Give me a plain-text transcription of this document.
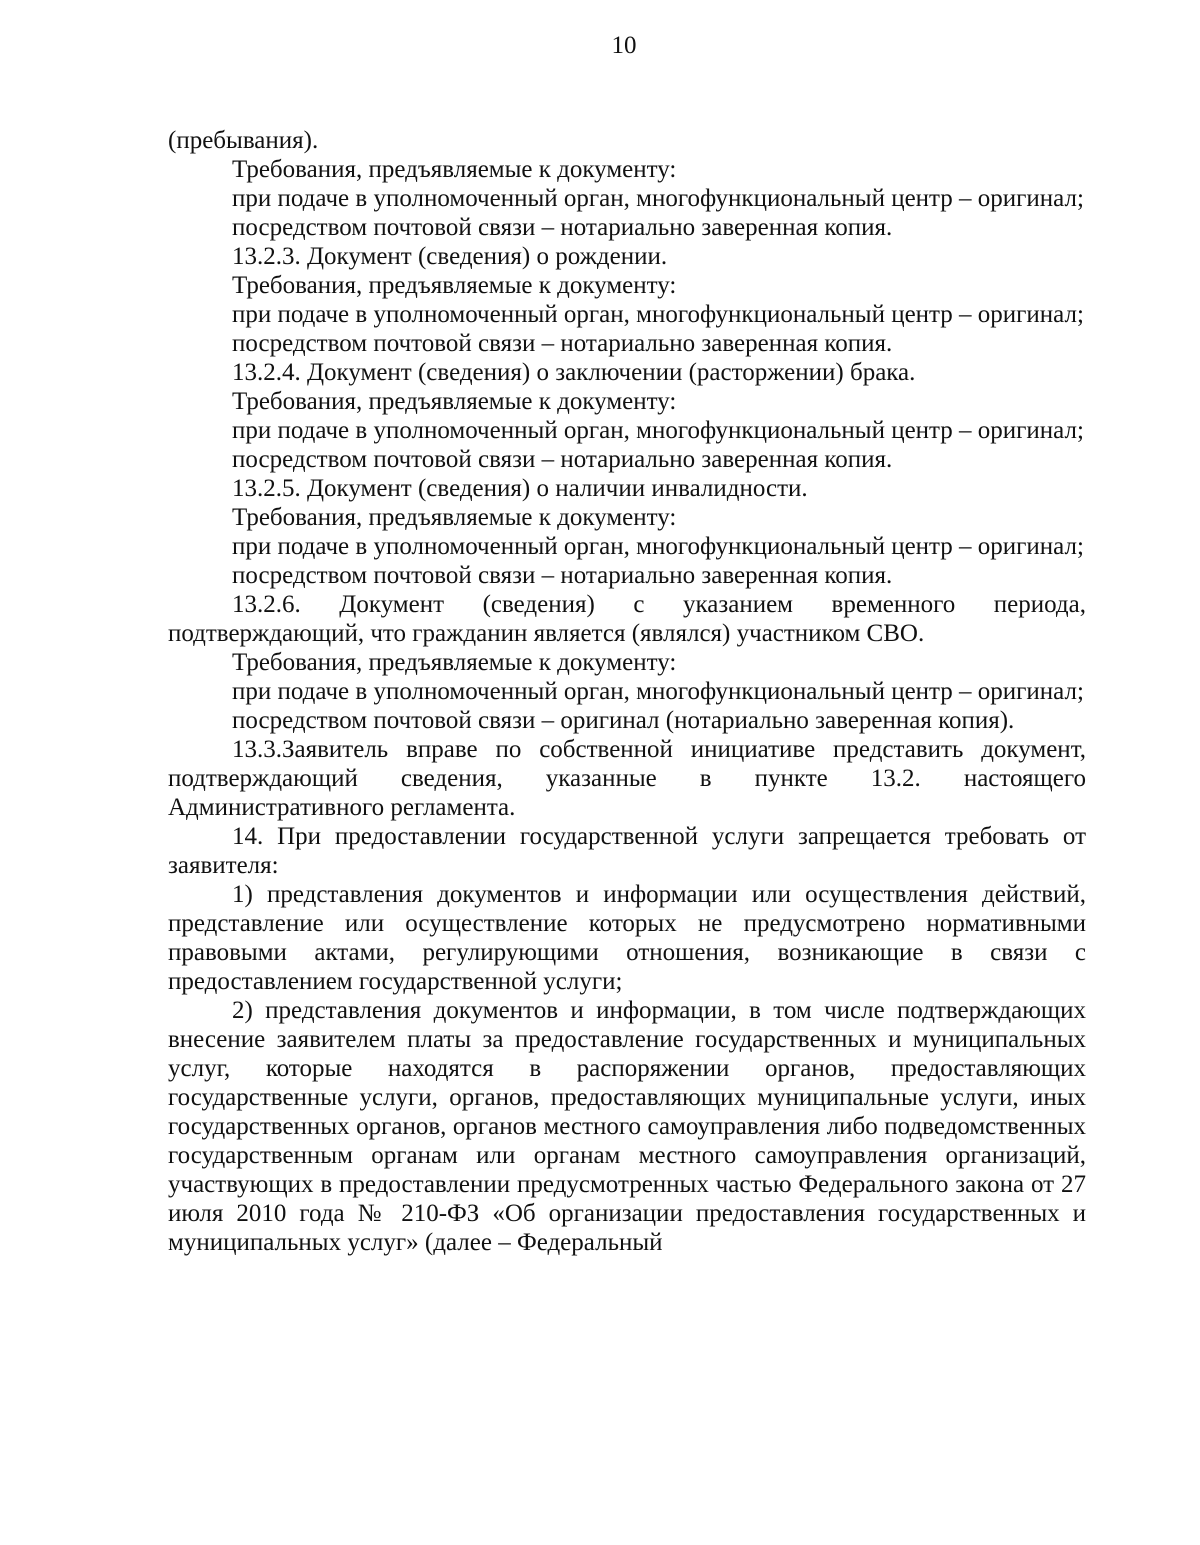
10

(пребывания).

Требования, предъявляемые к документу:

при подаче в уполномоченный орган, многофункциональный центр – оригинал;

посредством почтовой связи – нотариально заверенная копия.

13.2.3. Документ (сведения) о рождении.

Требования, предъявляемые к документу:

при подаче в уполномоченный орган, многофункциональный центр – оригинал;

посредством почтовой связи – нотариально заверенная копия.

13.2.4. Документ (сведения) о заключении (расторжении) брака.

Требования, предъявляемые к документу:

при подаче в уполномоченный орган, многофункциональный центр – оригинал;

посредством почтовой связи – нотариально заверенная копия.

13.2.5. Документ (сведения) о наличии инвалидности.

Требования, предъявляемые к документу:

при подаче в уполномоченный орган, многофункциональный центр – оригинал;

посредством почтовой связи – нотариально заверенная копия.

13.2.6. Документ (сведения) с указанием временного периода, подтверждающий, что гражданин является (являлся) участником СВО.

Требования, предъявляемые к документу:

при подаче в уполномоченный орган, многофункциональный центр – оригинал;

посредством почтовой связи – оригинал (нотариально заверенная копия).

13.3.Заявитель вправе по собственной инициативе представить документ, подтверждающий сведения, указанные в пункте 13.2. настоящего Административного регламента.

14. При предоставлении государственной услуги запрещается требовать от заявителя:

1) представления документов и информации или осуществления действий, представление или осуществление которых не предусмотрено нормативными правовыми актами, регулирующими отношения, возникающие в связи с предоставлением государственной услуги;

2) представления документов и информации, в том числе подтверждающих внесение заявителем платы за предоставление государственных и муниципальных услуг, которые находятся в распоряжении органов, предоставляющих государственные услуги, органов, предоставляющих муниципальные услуги, иных государственных органов, органов местного самоуправления либо подведомственных государственным органам или органам местного самоуправления организаций, участвующих в предоставлении предусмотренных частью Федерального закона от 27 июля 2010 года № 210-ФЗ «Об организации предоставления государственных и муниципальных услуг» (далее – Федеральный
